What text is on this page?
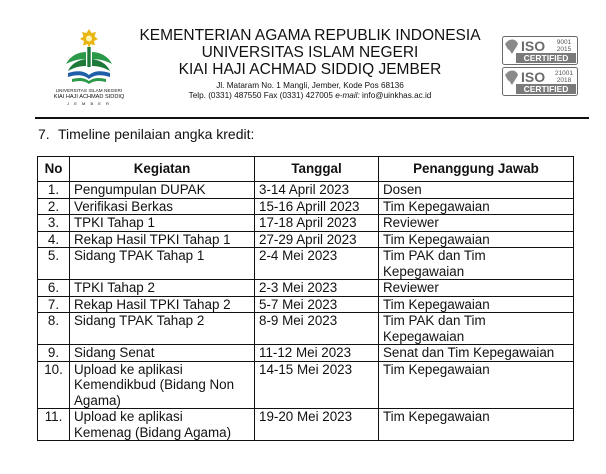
UNIVERSITAS ISLAM NEGERI
KIAI HAJI ACHMAD SIDDIQ
J E M B E R
KEMENTERIAN AGAMA REPUBLIK INDONESIA
UNIVERSITAS ISLAM NEGERI
KIAI HAJI ACHMAD SIDDIQ JEMBER
Jl. Mataram No. 1 Mangli, Jember, Kode Pos 68136
Telp. (0331) 487550 Fax (0331) 427005 e-mail: info@uinkhas.ac.id
ISO 9001
2015
CERTIFIED
ISO 21001
2018
CERTIFIED
7. Timeline penilaian angka kredit:
No	Kegiatan	Tanggal	Penanggung Jawab
1.	Pengumpulan DUPAK	3-14 April 2023	Dosen

2.	Verifikasi Berkas	15-16 Aprill 2023	Tim Kepegawaian

3.	TPKI Tahap 1	17-18 April 2023	Reviewer

4.	Rekap Hasil TPKI Tahap 1	27-29 April 2023	Tim Kepegawaian

5.	Sidang TPAK Tahap 1	2-4 Mei 2023	Tim PAK dan Tim
Kepegawaian

6.	TPKI Tahap 2	2-3 Mei 2023	Reviewer

7.	Rekap Hasil TPKI Tahap 2	5-7 Mei 2023	Tim Kepegawaian

8.	Sidang TPAK Tahap 2	8-9 Mei 2023	Tim PAK dan Tim
Kepegawaian

9.	Sidang Senat	11-12 Mei 2023	Senat dan Tim Kepegawaian

10.	Upload ke aplikasi
Kemendikbud (Bidang Non
Agama)	14-15 Mei 2023	Tim Kepegawaian

11.	Upload ke aplikasi
Kemenag (Bidang Agama)	19-20 Mei 2023	Tim Kepegawaian
